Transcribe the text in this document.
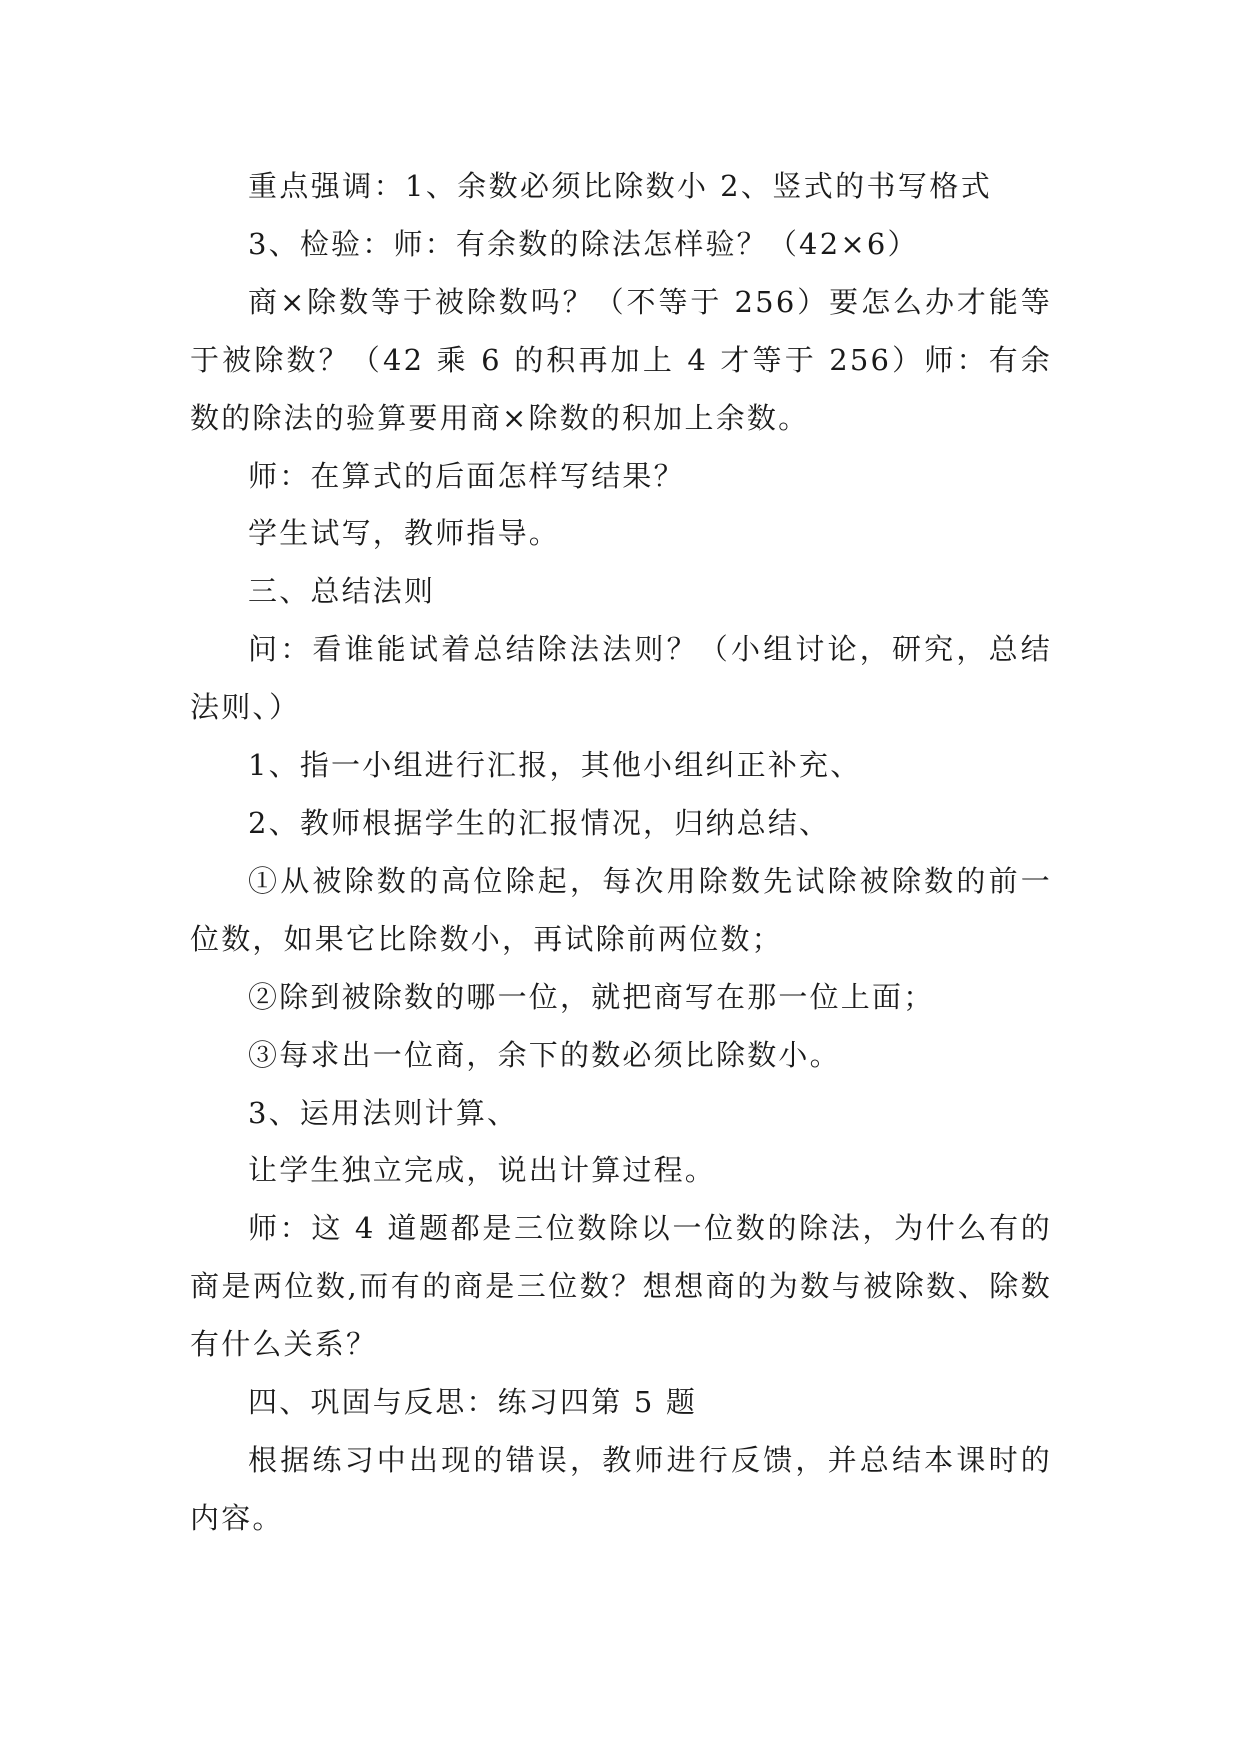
重点强调：1、余数必须比除数小 2、竖式的书写格式

3、检验：师：有余数的除法怎样验？（42×6）

商×除数等于被除数吗？（不等于 256）要怎么办才能等于被除数？（42 乘 6 的积再加上 4 才等于 256）师：有余数的除法的验算要用商×除数的积加上余数。

师：在算式的后面怎样写结果？

学生试写，教师指导。

三、总结法则

问：看谁能试着总结除法法则？（小组讨论，研究，总结法则、）

1、指一小组进行汇报，其他小组纠正补充、

2、教师根据学生的汇报情况，归纳总结、

①从被除数的高位除起，每次用除数先试除被除数的前一位数，如果它比除数小，再试除前两位数；

②除到被除数的哪一位，就把商写在那一位上面；

③每求出一位商，余下的数必须比除数小。

3、运用法则计算、

让学生独立完成，说出计算过程。

师：这 4 道题都是三位数除以一位数的除法，为什么有的商是两位数,而有的商是三位数？想想商的为数与被除数、除数有什么关系？

四、巩固与反思：练习四第 5 题

根据练习中出现的错误，教师进行反馈，并总结本课时的内容。
